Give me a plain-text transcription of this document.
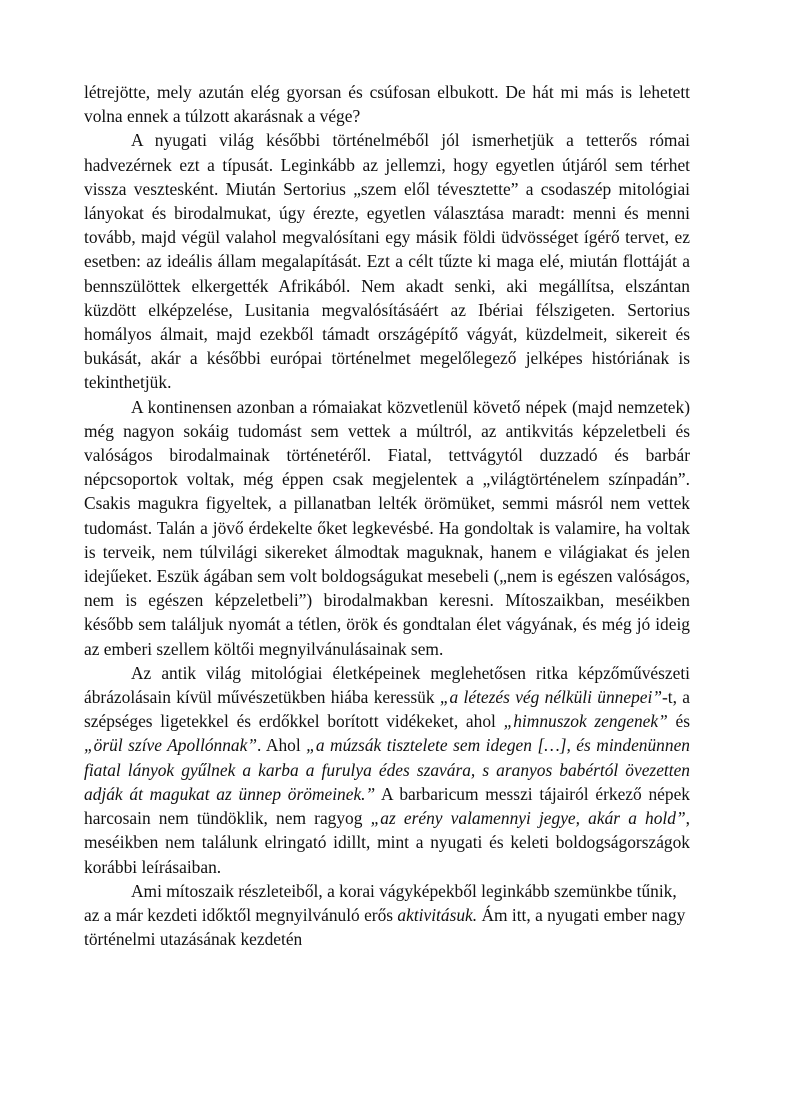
létrejötte, mely azután elég gyorsan és csúfosan elbukott. De hát mi más is lehetett volna ennek a túlzott akarásnak a vége?

A nyugati világ későbbi történelméből jól ismerhetjük a tetterős római hadvezérnek ezt a típusát. Leginkább az jellemzi, hogy egyetlen útjáról sem térhet vissza vesztesként. Miután Sertorius „szem elől tévesztette” a csodaszép mitológiai lányokat és birodalmukat, úgy érezte, egyetlen választása maradt: menni és menni tovább, majd végül valahol megvalósítani egy másik földi üdvösséget ígérő tervet, ez esetben: az ideális állam megalapítását. Ezt a célt tűzte ki maga elé, miután flottáját a bennszülöttek elkergették Afrikából. Nem akadt senki, aki megállítsa, elszántan küzdött elképzelése, Lusitania megvalósításáért az Ibériai félszigeten. Sertorius homályos álmait, majd ezekből támadt országépítő vágyát, küzdelmeit, sikereit és bukását, akár a későbbi európai történelmet megelőlegező jelképes históriának is tekinthetjük.

A kontinensen azonban a rómaiakat közvetlenül követő népek (majd nemzetek) még nagyon sokáig tudomást sem vettek a múltról, az antikvitás képzeletbeli és valóságos birodalmainak történetéről. Fiatal, tettvágytól duzzadó és barbár népcsoportok voltak, még éppen csak megjelentek a „világtörténelem színpadán”. Csakis magukra figyeltek, a pillanatban lelték örömüket, semmi másról nem vettek tudomást. Talán a jövő érdekelte őket legkevésbé. Ha gondoltak is valamire, ha voltak is terveik, nem túlvilági sikereket álmodtak maguknak, hanem e világiakat és jelen idejűeket. Eszük ágában sem volt boldogságukat mesebeli („nem is egészen valóságos, nem is egészen képzeletbeli”) birodalmakban keresni. Mítoszaikban, meséikben később sem találjuk nyomát a tétlen, örök és gondtalan élet vágyának, és még jó ideig az emberi szellem költői megnyilvánulásainak sem.

Az antik világ mitológiai életképeinek meglehetősen ritka képzőművészeti ábrázolásain kívül művészetükben hiába keressük „a létezés vég nélküli ünnepei”-t, a szépséges ligetekkel és erdőkkel borított vidékeket, ahol „himnuszok zengenek” és „örül szíve Apollónnak”. Ahol „a múzsák tisztelete sem idegen […], és mindenünnen fiatal lányok gyűlnek a karba a furulya édes szavára, s aranyos babértól övezetten adják át magukat az ünnep örömeinek.” A barbaricum messzi tájairól érkező népek harcosain nem tündöklik, nem ragyog „az erény valamennyi jegye, akár a hold”, meséikben nem találunk elringató idillt, mint a nyugati és keleti boldogságországok korábbi leírásaiban.

Ami mítoszaik részleteiből, a korai vágyképekből leginkább szemünkbe tűnik, az a már kezdeti időktől megnyilvánuló erős aktivitásuk. Ám itt, a nyugati ember nagy történelmi utazásának kezdetén
